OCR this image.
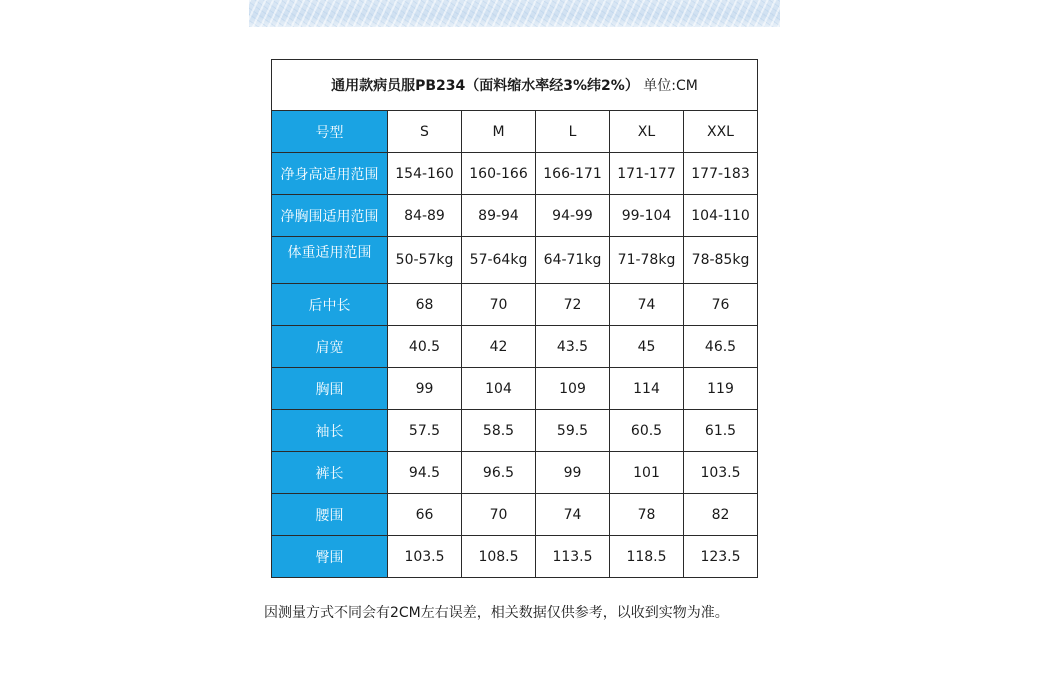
通用款病员服PB234（面料缩水率经3%纬2%） 单位:CM					
号型	S	M	L	XL	XXL
净身高适用范围	154-160	160-166	166-171	171-177	177-183
净胸围适用范围	84-89	89-94	94-99	99-104	104-110
体重适用范围	50-57kg	57-64kg	64-71kg	71-78kg	78-85kg
后中长	68	70	72	74	76
肩宽	40.5	42	43.5	45	46.5
胸围	99	104	109	114	119
袖长	57.5	58.5	59.5	60.5	61.5
裤长	94.5	96.5	99	101	103.5
腰围	66	70	74	78	82
臀围	103.5	108.5	113.5	118.5	123.5
因测量方式不同会有2CM左右误差，相关数据仅供参考，以收到实物为准。
